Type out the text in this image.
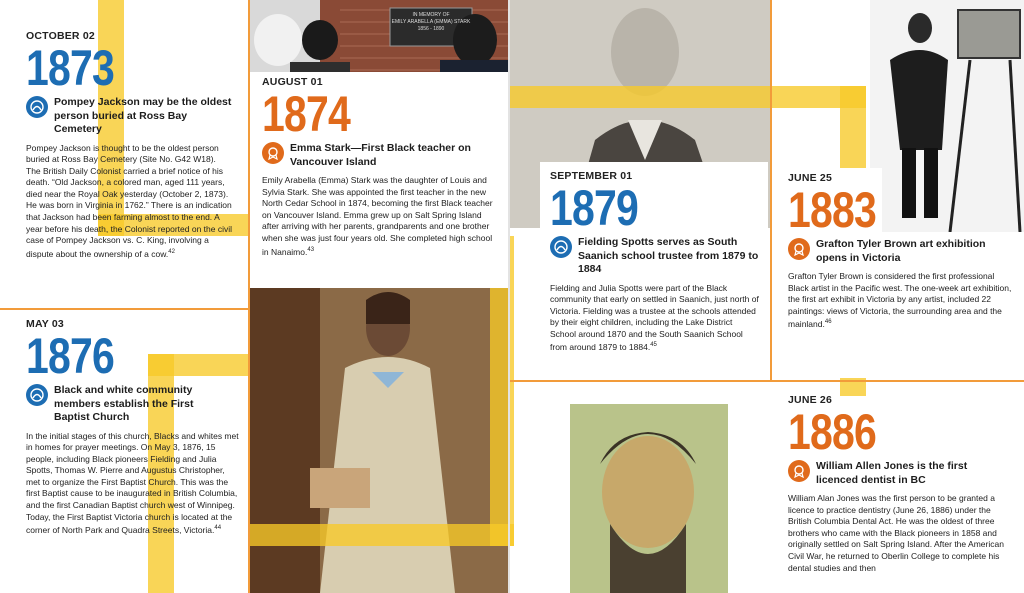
IN MEMORY OF
EMILY ARABELLA (EMMA) STARK
1856 - 1890
OCTOBER 02
1873
Pompey Jackson may be the oldest person buried at Ross Bay Cemetery
Pompey Jackson is thought to be the oldest person buried at Ross Bay Cemetery (Site No. G42 W18). The British Daily Colonist carried a brief notice of his death. “Old Jackson, a colored man, aged 111 years, died near the Royal Oak yesterday (October 2, 1873). He was born in Virginia in 1762.” There is an indication that Jackson had been farming almost to the end. A year before his death, the Colonist reported on the civil case of Pompey Jackson vs. C. King, involving a dispute about the ownership of a cow.$^{42}$
AUGUST 01
1874
Emma Stark—First Black teacher on Vancouver Island
Emily Arabella (Emma) Stark was the daughter of Louis and Sylvia Stark. She was appointed the first teacher in the new North Cedar School in 1874, becoming the first Black teacher on Vancouver Island. Emma grew up on Salt Spring Island after arriving with her parents, grandparents and one brother when she was just four years old. She completed high school in Nanaimo.$^{43}$
MAY 03
1876
Black and white community members establish the First Baptist Church
In the initial stages of this church, Blacks and whites met in homes for prayer meetings. On May 3, 1876, 15 people, including Black pioneers Fielding and Julia Spotts, Thomas W. Pierre and Augustus Christopher, met to organize the First Baptist Church. This was the first Baptist cause to be inaugurated in British Columbia, and the first Canadian Baptist church west of Winnipeg. Today, the First Baptist Victoria church is located at the corner of North Park and Quadra Streets, Victoria.$^{44}$
SEPTEMBER 01
1879
Fielding Spotts serves as South Saanich school trustee from 1879 to 1884
Fielding and Julia Spotts were part of the Black community that early on settled in Saanich, just north of Victoria. Fielding was a trustee at the schools attended by their eight children, including the Lake District School around 1870 and the South Saanich School from around 1879 to 1884.45
JUNE 25
1883
Grafton Tyler Brown art exhibition opens in Victoria
Grafton Tyler Brown is considered the first professional Black artist in the Pacific west. The one-week art exhibition, the first art exhibit in Victoria by any artist, included 22 paintings: views of Victoria, the surrounding area and the mainland.$^{46}$
JUNE 26
1886
William Allen Jones is the first licenced dentist in BC
William Alan Jones was the first person to be granted a licence to practice dentistry (June 26, 1886) under the British Columbia Dental Act. He was the oldest of three brothers who came with the Black pioneers in 1858 and originally settled on Salt Spring Island. After the American Civil War, he returned to Oberlin College to complete his dental studies and then
